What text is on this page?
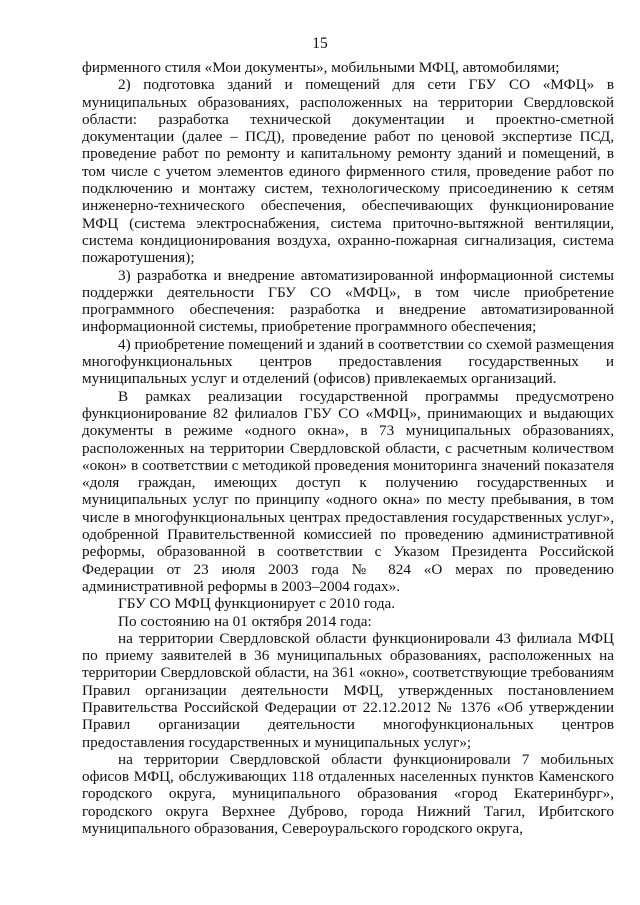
15

фирменного стиля «Мои документы», мобильными МФЦ, автомобилями;

2) подготовка зданий и помещений для сети ГБУ СО «МФЦ» в муниципальных образованиях, расположенных на территории Свердловской области: разработка технической документации и проектно-сметной документации (далее – ПСД), проведение работ по ценовой экспертизе ПСД, проведение работ по ремонту и капитальному ремонту зданий и помещений, в том числе с учетом элементов единого фирменного стиля, проведение работ по подключению и монтажу систем, технологическому присоединению к сетям инженерно-технического обеспечения, обеспечивающих функционирование МФЦ (система электроснабжения, система приточно-вытяжной вентиляции, система кондиционирования воздуха, охранно-пожарная сигнализация, система пожаротушения);

3) разработка и внедрение автоматизированной информационной системы поддержки деятельности ГБУ СО «МФЦ», в том числе приобретение программного обеспечения: разработка и внедрение автоматизированной информационной системы, приобретение программного обеспечения;

4) приобретение помещений и зданий в соответствии со схемой размещения многофункциональных центров предоставления государственных и муниципальных услуг и отделений (офисов) привлекаемых организаций.

В рамках реализации государственной программы предусмотрено функционирование 82 филиалов ГБУ СО «МФЦ», принимающих и выдающих документы в режиме «одного окна», в 73 муниципальных образованиях, расположенных на территории Свердловской области, с расчетным количеством «окон» в соответствии с методикой проведения мониторинга значений показателя «доля граждан, имеющих доступ к получению государственных и муниципальных услуг по принципу «одного окна» по месту пребывания, в том числе в многофункциональных центрах предоставления государственных услуг», одобренной Правительственной комиссией по проведению административной реформы, образованной в соответствии с Указом Президента Российской Федерации от 23 июля 2003 года № 824 «О мерах по проведению административной реформы в 2003–2004 годах».

ГБУ СО МФЦ функционирует с 2010 года.

По состоянию на 01 октября 2014 года:

на территории Свердловской области функционировали 43 филиала МФЦ по приему заявителей в 36 муниципальных образованиях, расположенных на территории Свердловской области, на 361 «окно», соответствующие требованиям Правил организации деятельности МФЦ, утвержденных постановлением Правительства Российской Федерации от 22.12.2012 № 1376 «Об утверждении Правил организации деятельности многофункциональных центров предоставления государственных и муниципальных услуг»;

на территории Свердловской области функционировали 7 мобильных офисов МФЦ, обслуживающих 118 отдаленных населенных пунктов Каменского городского округа, муниципального образования «город Екатеринбург», городского округа Верхнее Дуброво, города Нижний Тагил, Ирбитского муниципального образования, Североуральского городского округа,
